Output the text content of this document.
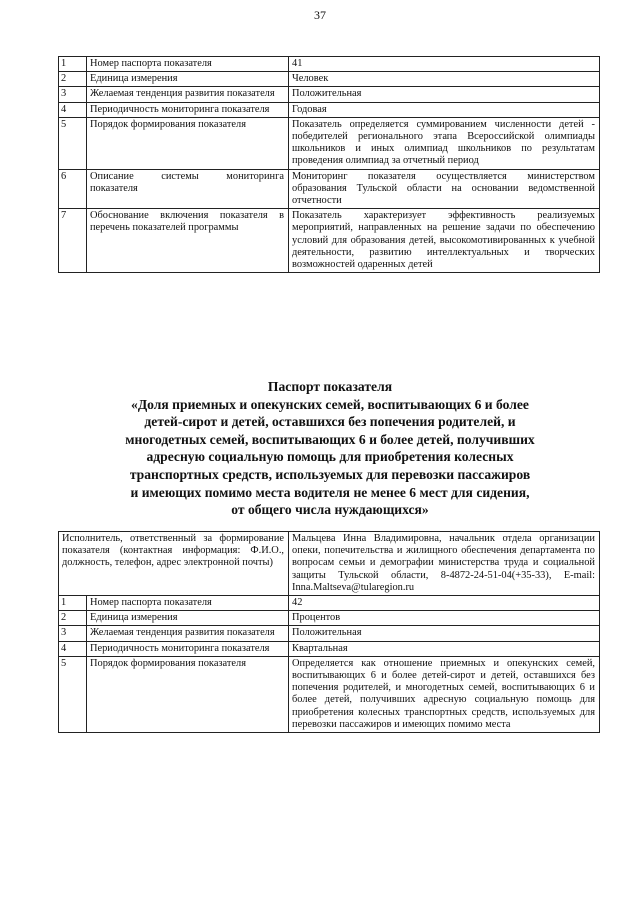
37
1	Номер паспорта показателя	41
2	Единица измерения	Человек
3	Желаемая тенденция развития показателя	Положительная
4	Периодичность мониторинга показателя	Годовая
5	Порядок формирования показателя	Показатель определяется суммированием численности детей - победителей регионального этапа Всероссийской олимпиады школьников и иных олимпиад школьников по результатам проведения олимпиад за отчетный период
6	Описание системы мониторинга показателя	Мониторинг показателя осуществляется министерством образования Тульской области на основании ведомственной отчетности
7	Обоснование включения показателя в перечень показателей программы	Показатель характеризует эффективность реализуемых мероприятий, направленных на решение задачи по обеспечению условий для образования детей, высокомотивированных к учебной деятельности, развитию интеллектуальных и творческих возможностей одаренных детей
Паспорт показателя
«Доля приемных и опекунских семей, воспитывающих 6 и более
детей-сирот и детей, оставшихся без попечения родителей, и
многодетных семей, воспитывающих 6 и более детей, получивших
адресную социальную помощь для приобретения колесных
транспортных средств, используемых для перевозки пассажиров
и имеющих помимо места водителя не менее 6 мест для сидения,
от общего числа нуждающихся»
Исполнитель, ответственный за формирование показателя (контактная информация: Ф.И.О., должность, телефон, адрес электронной почты)		Мальцева Инна Владимировна, начальник отдела организации опеки, попечительства и жилищного обеспечения департамента по вопросам семьи и демографии министерства труда и социальной защиты Тульской области, 8-4872-24-51-04(+35-33), E-mail: Inna.Maltseva@tularegion.ru
1	Номер паспорта показателя	42
2	Единица измерения	Процентов
3	Желаемая тенденция развития показателя	Положительная
4	Периодичность мониторинга показателя	Квартальная
5	Порядок формирования показателя	Определяется как отношение приемных и опекунских семей, воспитывающих 6 и более детей-сирот и детей, оставшихся без попечения родителей, и многодетных семей, воспитывающих 6 и более детей, получивших адресную социальную помощь для приобретения колесных транспортных средств, используемых для перевозки пассажиров и имеющих помимо места
